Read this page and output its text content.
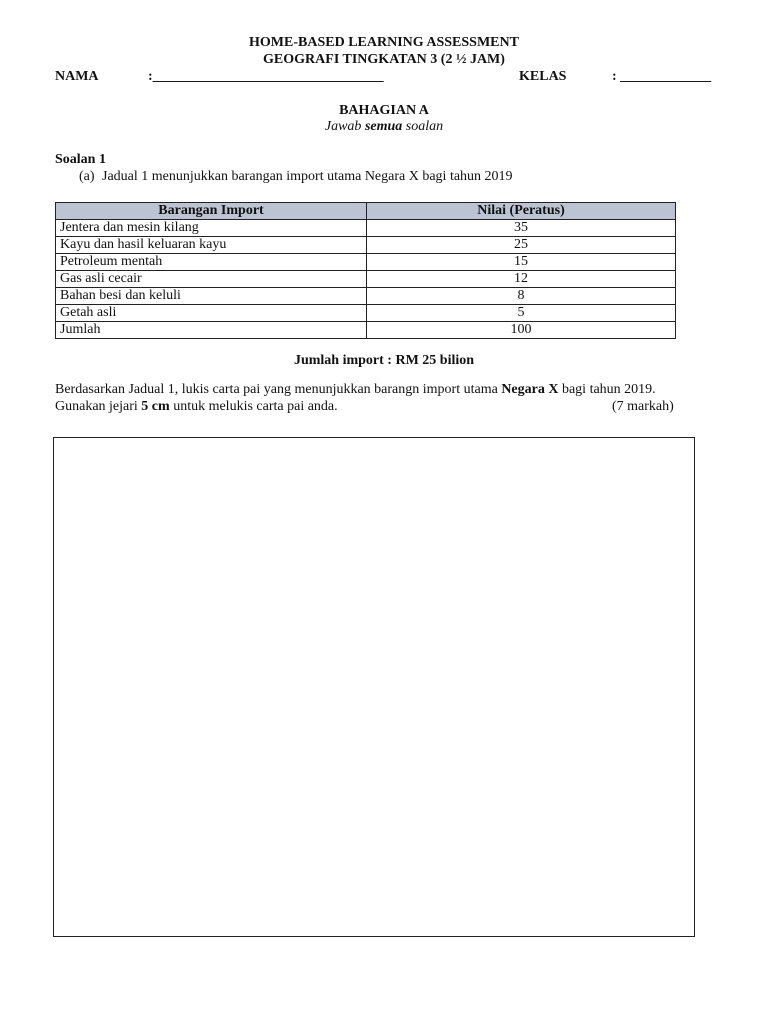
HOME-BASED LEARNING ASSESSMENT
GEOGRAFI TINGKATAN 3 (2 ½ JAM)
NAMA	:_________________________________	KELAS	: _____________
BAHAGIAN A
Jawab semua soalan
Soalan 1
(a) Jadual 1 menunjukkan barangan import utama Negara X bagi tahun 2019
Barangan Import	Nilai (Peratus)
Jentera dan mesin kilang	35
Kayu dan hasil keluaran kayu	25
Petroleum mentah	15
Gas asli cecair	12
Bahan besi dan keluli	8
Getah asli	5
Jumlah	100
Jumlah import : RM 25 bilion
Berdasarkan Jadual 1, lukis carta pai yang menunjukkan barangn import utama Negara X bagi tahun 2019.
Gunakan jejari 5 cm untuk melukis carta pai anda.	(7 markah)
